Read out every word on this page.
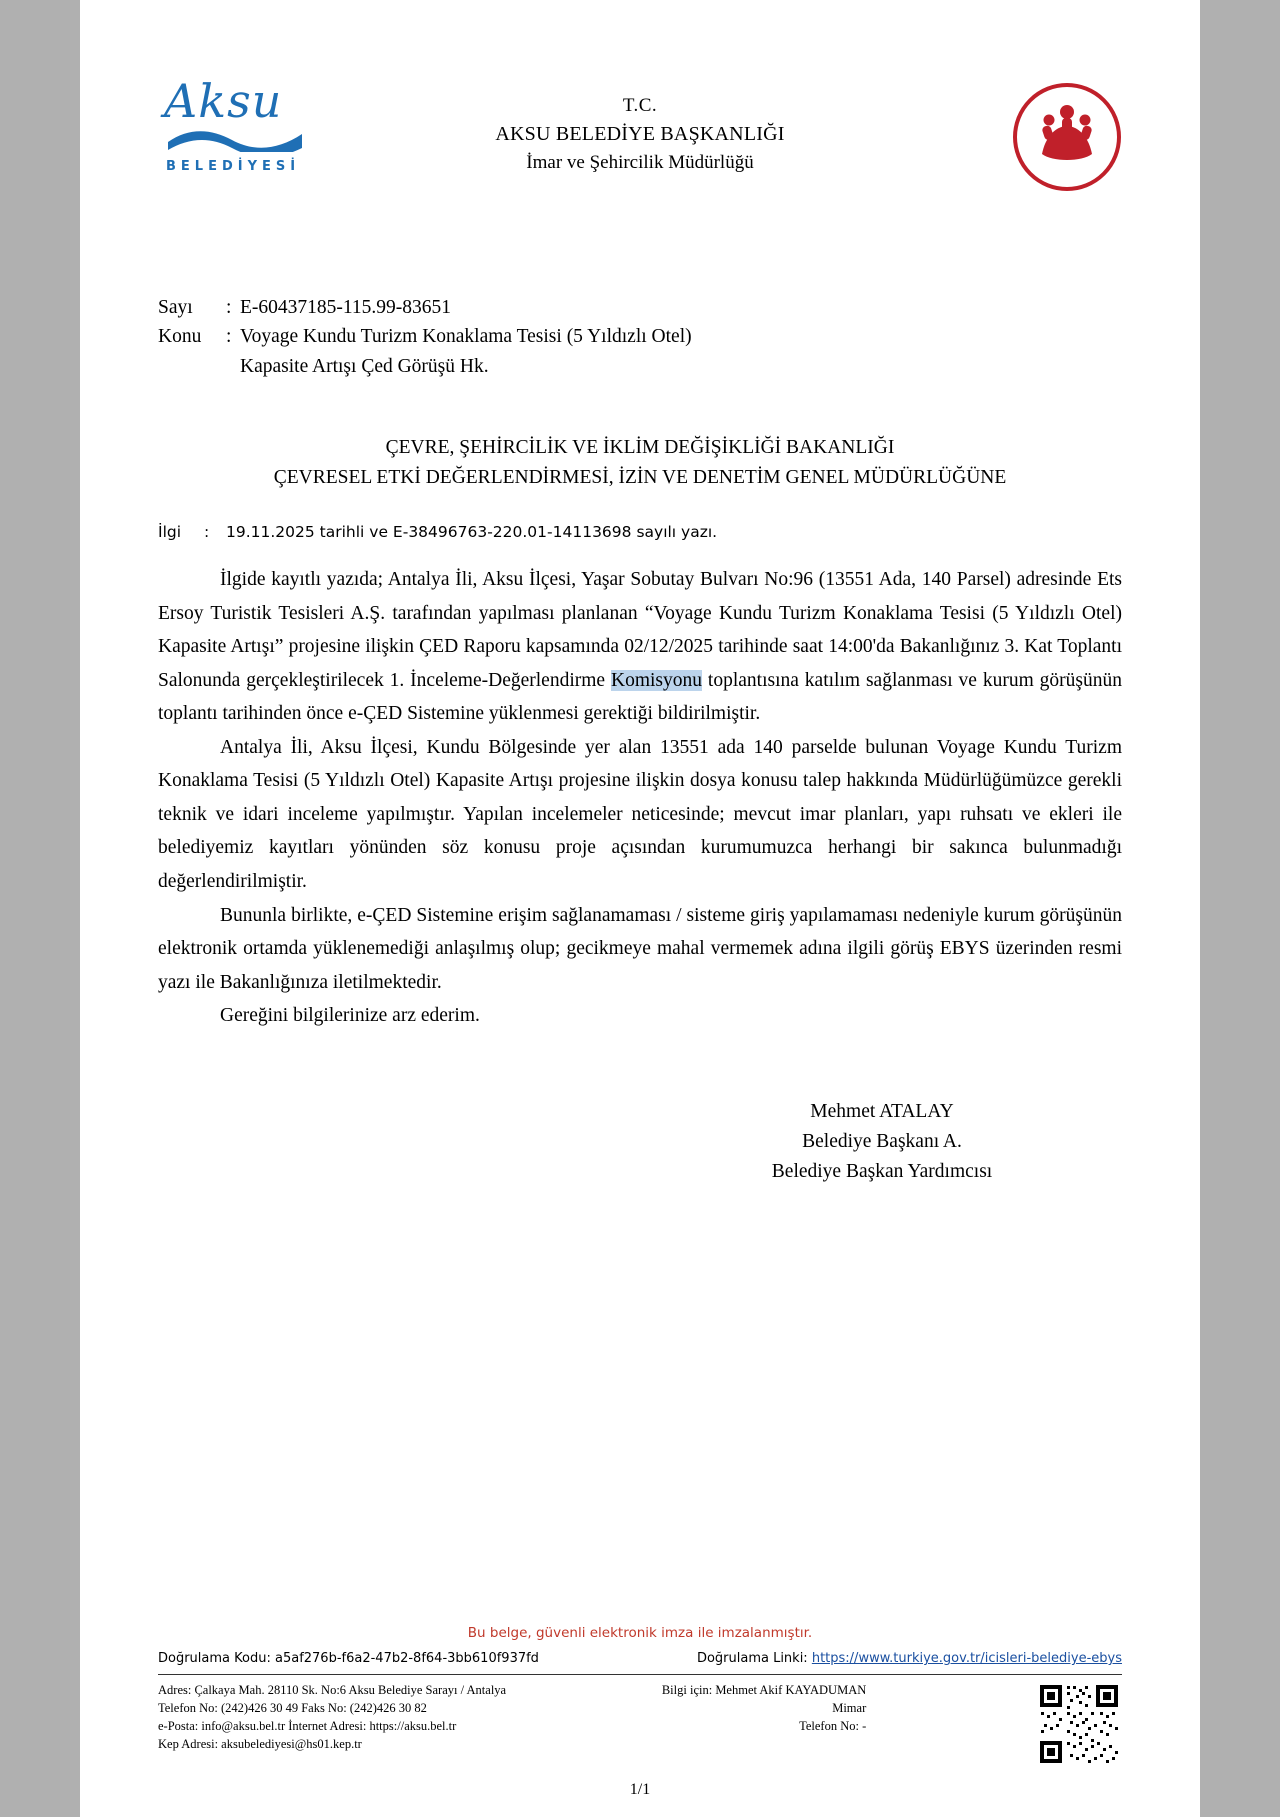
Aksu
BELEDİYESİ
T.C.
AKSU BELEDİYE BAŞKANLIĞI
İmar ve Şehircilik Müdürlüğü
Sayı	: E-60437185-115.99-83651
Konu	: Voyage Kundu Turizm Konaklama Tesisi (5 Yıldızlı Otel) Kapasite Artışı Çed Görüşü Hk.
ÇEVRE, ŞEHİRCİLİK VE İKLİM DEĞİŞİKLİĞİ BAKANLIĞI
ÇEVRESEL ETKİ DEĞERLENDİRMESİ, İZİN VE DENETİM GENEL MÜDÜRLÜĞÜNE
İlgi	:	19.11.2025 tarihli ve E-38496763-220.01-14113698 sayılı yazı.

İlgide kayıtlı yazıda; Antalya İli, Aksu İlçesi, Yaşar Sobutay Bulvarı No:96 (13551 Ada, 140 Parsel) adresinde Ets Ersoy Turistik Tesisleri A.Ş. tarafından yapılması planlanan “Voyage Kundu Turizm Konaklama Tesisi (5 Yıldızlı Otel) Kapasite Artışı” projesine ilişkin ÇED Raporu kapsamında 02/12/2025 tarihinde saat 14:00'da Bakanlığınız 3. Kat Toplantı Salonunda gerçekleştirilecek 1. İnceleme-Değerlendirme Komisyonu toplantısına katılım sağlanması ve kurum görüşünün toplantı tarihinden önce e-ÇED Sistemine yüklenmesi gerektiği bildirilmiştir.

Antalya İli, Aksu İlçesi, Kundu Bölgesinde yer alan 13551 ada 140 parselde bulunan Voyage Kundu Turizm Konaklama Tesisi (5 Yıldızlı Otel) Kapasite Artışı projesine ilişkin dosya konusu talep hakkında Müdürlüğümüzce gerekli teknik ve idari inceleme yapılmıştır. Yapılan incelemeler neticesinde; mevcut imar planları, yapı ruhsatı ve ekleri ile belediyemiz kayıtları yönünden söz konusu proje açısından kurumumuzca herhangi bir sakınca bulunmadığı değerlendirilmiştir.

Bununla birlikte, e-ÇED Sistemine erişim sağlanamaması / sisteme giriş yapılamaması nedeniyle kurum görüşünün elektronik ortamda yüklenemediği anlaşılmış olup; gecikmeye mahal vermemek adına ilgili görüş EBYS üzerinden resmi yazı ile Bakanlığınıza iletilmektedir.

Gereğini bilgilerinize arz ederim.

Mehmet ATALAY
Belediye Başkanı A.
Belediye Başkan Yardımcısı
Bu belge, güvenli elektronik imza ile imzalanmıştır.
Doğrulama Kodu: a5af276b-f6a2-47b2-8f64-3bb610f937fd	Doğrulama Linki: https://www.turkiye.gov.tr/icisleri-belediye-ebys
Adres: Çalkaya Mah. 28110 Sk. No:6 Aksu Belediye Sarayı / Antalya
Telefon No: (242)426 30 49 Faks No: (242)426 30 82
e-Posta: info@aksu.bel.tr İnternet Adresi: https://aksu.bel.tr
Kep Adresi: aksubelediyesi@hs01.kep.tr
Bilgi için: Mehmet Akif KAYADUMAN
Mimar
Telefon No: -
1/1
